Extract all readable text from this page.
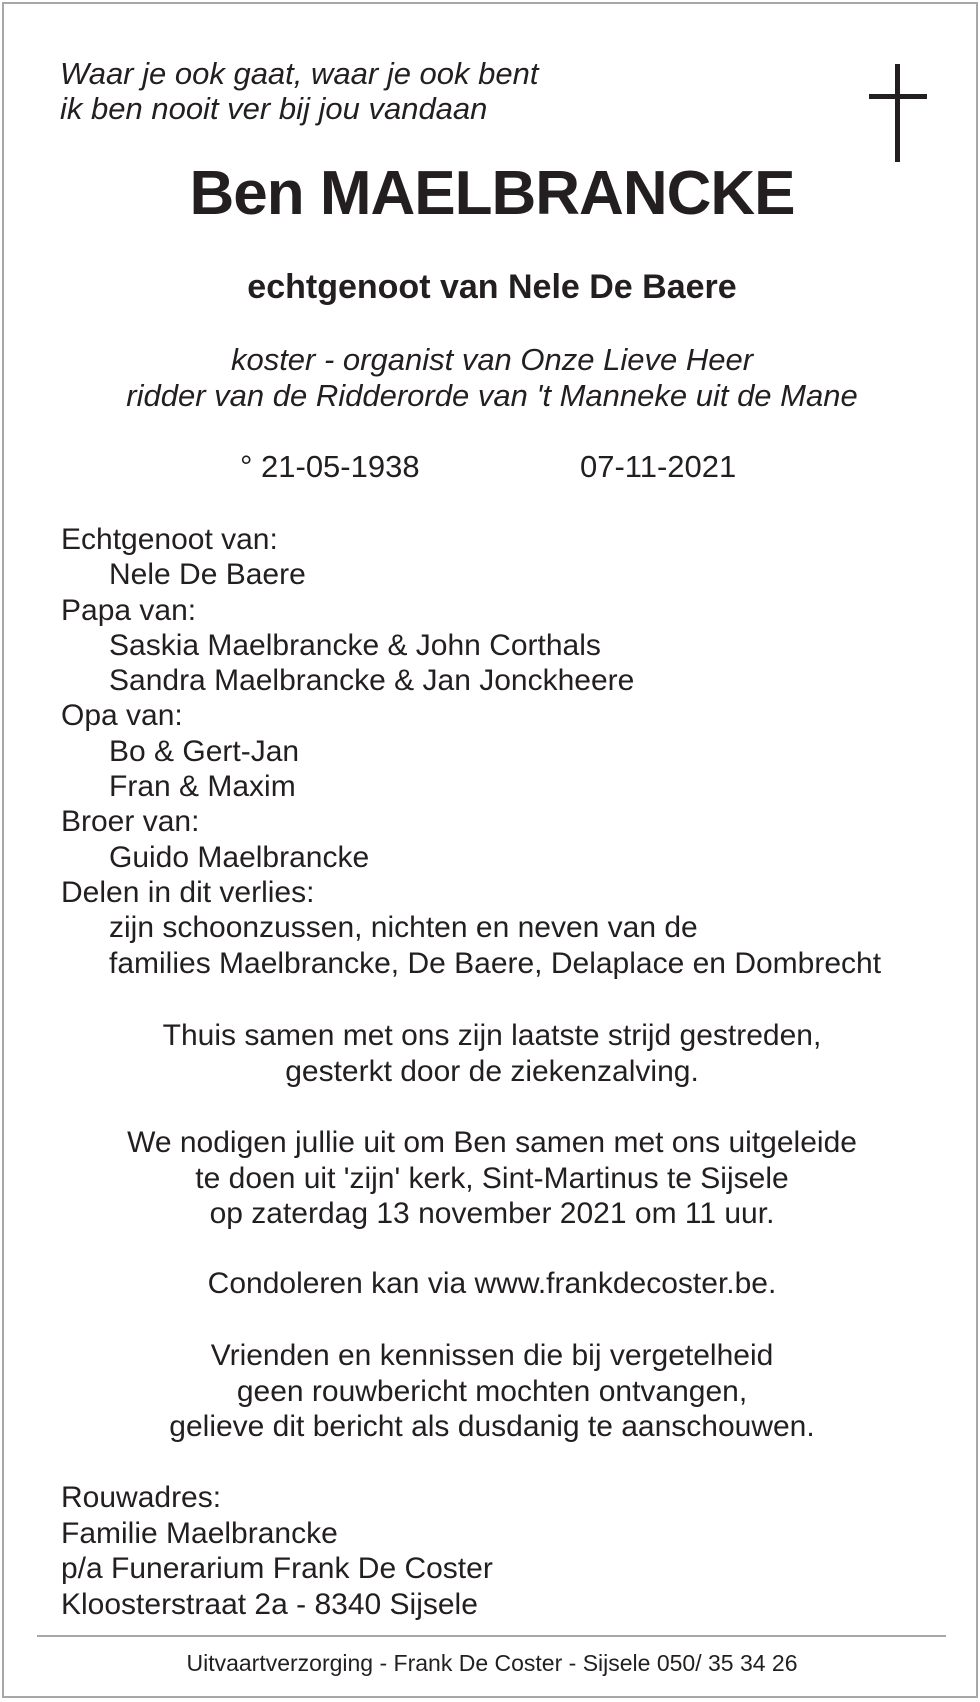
Waar je ook gaat, waar je ook bent
ik ben nooit ver bij jou vandaan
Ben MAELBRANCKE
echtgenoot van Nele De Baere
koster - organist van Onze Lieve Heer
ridder van de Ridderorde van 't Manneke uit de Mane
° 21-05-1938	07-11-2021
Echtgenoot van:
Nele De Baere
Papa van:
Saskia Maelbrancke & John Corthals
Sandra Maelbrancke & Jan Jonckheere
Opa van:
Bo & Gert-Jan
Fran & Maxim
Broer van:
Guido Maelbrancke
Delen in dit verlies:
zijn schoonzussen, nichten en neven van de
families Maelbrancke, De Baere, Delaplace en Dombrecht
Thuis samen met ons zijn laatste strijd gestreden,
gesterkt door de ziekenzalving.
We nodigen jullie uit om Ben samen met ons uitgeleide
te doen uit 'zijn' kerk, Sint-Martinus te Sijsele
op zaterdag 13 november 2021 om 11 uur.
Condoleren kan via www.frankdecoster.be.
Vrienden en kennissen die bij vergetelheid
geen rouwbericht mochten ontvangen,
gelieve dit bericht als dusdanig te aanschouwen.
Rouwadres:
Familie Maelbrancke
p/a Funerarium Frank De Coster
Kloosterstraat 2a - 8340 Sijsele
Uitvaartverzorging - Frank De Coster - Sijsele 050/ 35 34 26
